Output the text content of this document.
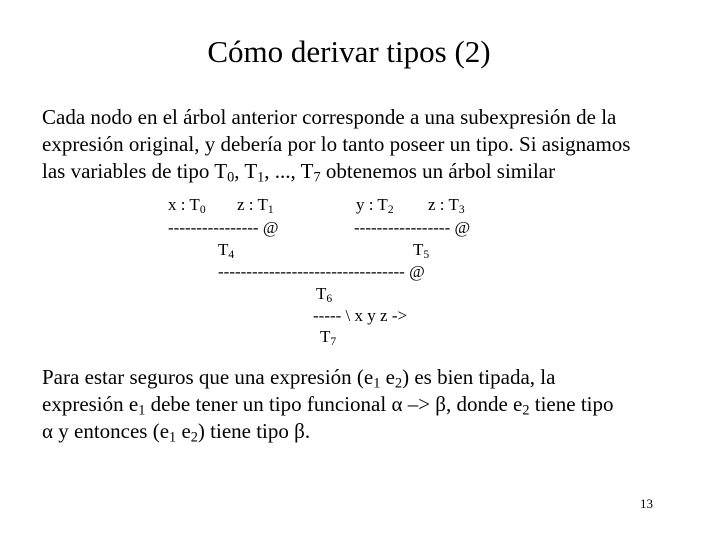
Cómo derivar tipos (2)
Cada nodo en el árbol anterior corresponde a una subexpresión de la
expresión original, y debería por lo tanto poseer un tipo. Si asignamos
las variables de tipo $T_0$, $T_1$, ..., $T_7$ obtenemos un árbol similar
x : $T_0$ z : $T_1$	y : $T_2$ z : $T_3$
---------------- @	----------------- @
$T_4$	$T_5$
--------------------------------- @
$T_6$
----- \ x y z ->
$T_7$
Para estar seguros que una expresión ($e_1$ $e_2$) es bien tipada, la
expresión $e_1$ debe tener un tipo funcional α –> β, donde $e_2$ tiene tipo
α y entonces ($e_1$ $e_2$) tiene tipo β.
13
